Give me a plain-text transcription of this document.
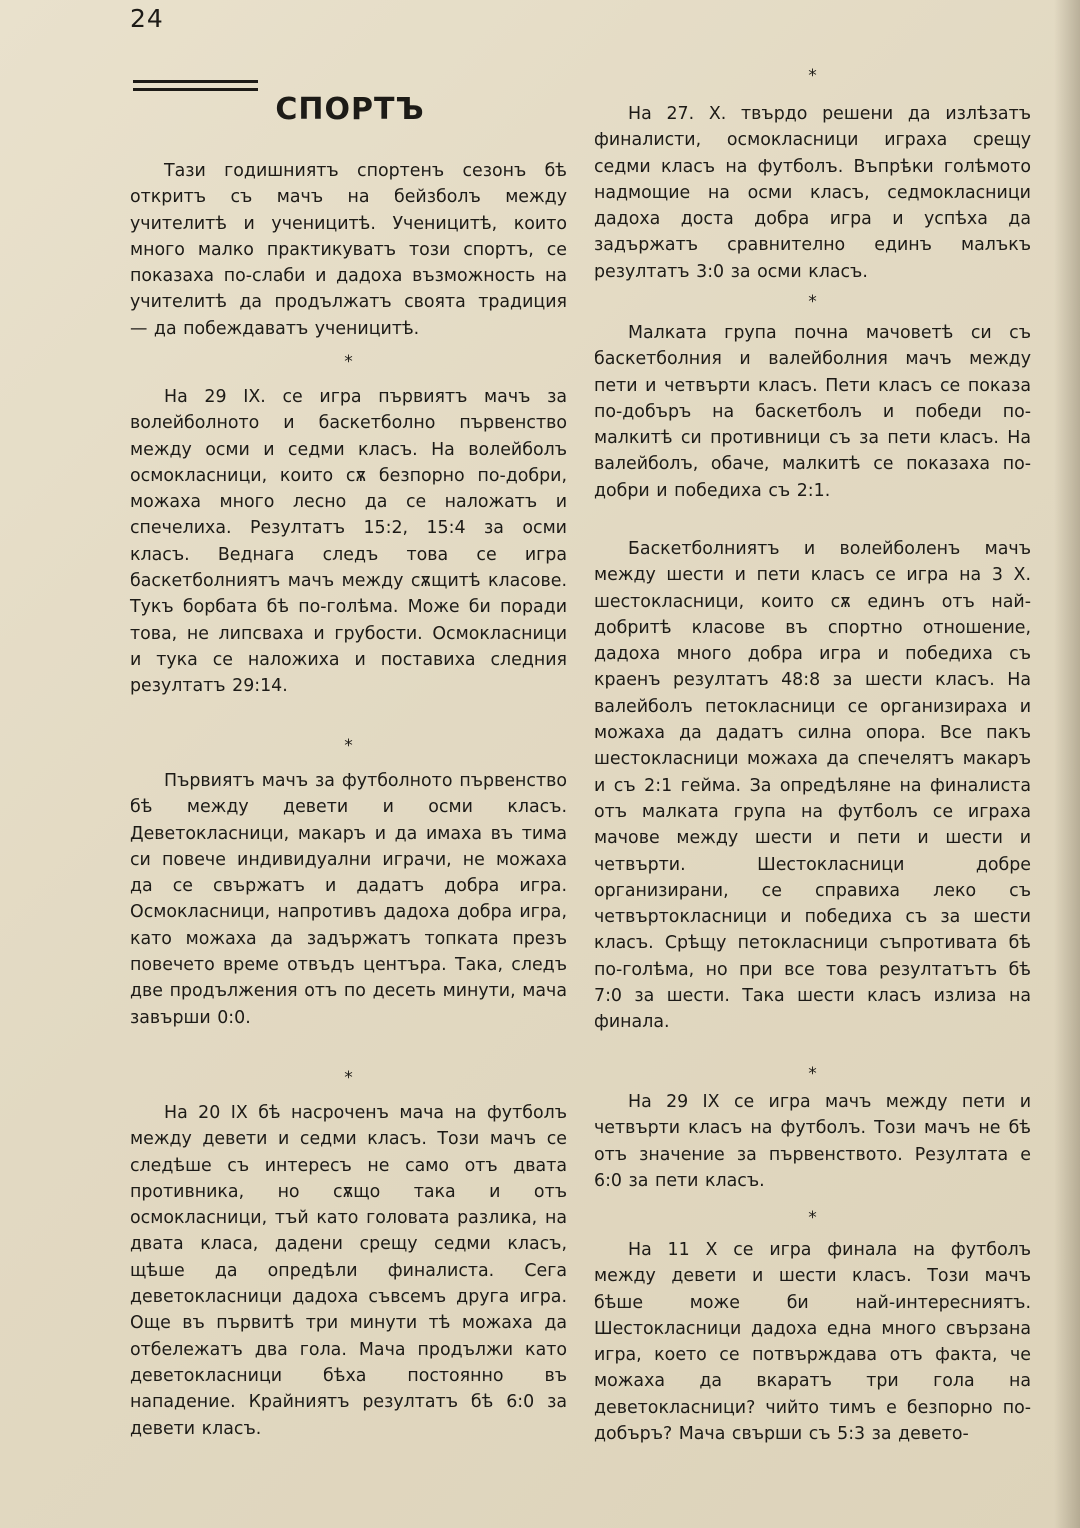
24
СПОРТЪ
Тази годишниятъ спортенъ сезонъ бѣ откритъ съ мачъ на бейзболъ между учителитѣ и ученицитѣ. Ученицитѣ, които много малко практикуватъ този спортъ, се показаха по-слаби и дадоха възможность на учителитѣ да продължатъ своята традиция — да побеждаватъ ученицитѣ.
*
На 29 IX. се игра първиятъ мачъ за волейболното и баскетболно първенство между осми и седми класъ. На волейболъ осмокласници, които сѫ безпорно по-добри, можаха много лесно да се наложатъ и спечелиха. Резултатъ 15:2, 15:4 за осми класъ. Веднага следъ това се игра баскетболниятъ мачъ между сѫщитѣ класове. Тукъ борбата бѣ по-голѣма. Може би поради това, не липсваха и грубости. Осмокласници и тука се наложиха и поставиха следния резултатъ 29:14.
*
Първиятъ мачъ за футболното първенство бѣ между девети и осми класъ. Деветокласници, макаръ и да имаха въ тима си повече индивидуални играчи, не можаха да се свържатъ и дадатъ добра игра. Осмокласници, напротивъ дадоха добра игра, като можаха да задържатъ топката презъ повечето време отвъдъ центъра. Така, следъ две продължения отъ по десеть минути, мача завърши 0:0.
*
На 20 IX бѣ насроченъ мача на футболъ между девети и седми класъ. Този мачъ се следѣше съ интересъ не само отъ двата противника, но сѫщо така и отъ осмокласници, тъй като головата разлика, на двата класа, дадени срещу седми класъ, щѣше да опредѣли финалиста. Сега деветокласници дадоха съвсемъ друга игра. Още въ първитѣ три минути тѣ можаха да отбележатъ два гола. Мача продължи като деветокласници бѣха постоянно въ нападение. Крайниятъ резултатъ бѣ 6:0 за девети класъ.
*
На 27. X. твърдо решени да излѣзатъ финалисти, осмокласници играха срещу седми класъ на футболъ. Въпрѣки голѣмото надмощие на осми класъ, седмокласници дадоха доста добра игра и успѣха да задържатъ сравнително единъ малъкъ резултатъ 3:0 за осми класъ.
*
Малката група почна мачоветѣ си съ баскетболния и валейболния мачъ между пети и четвърти класъ. Пети класъ се показа по-добъръ на баскетболъ и победи по-малкитѣ си противници съ за пети класъ. На валейболъ, обаче, малкитѣ се показаха по-добри и победиха съ 2:1.
Баскетболниятъ и волейболенъ мачъ между шести и пети класъ се игра на 3 X. шестокласници, които сѫ единъ отъ най-добритѣ класове въ спортно отношение, дадоха много добра игра и победиха съ краенъ резултатъ 48:8 за шести класъ. На валейболъ петокласници се организираха и можаха да дадатъ силна опора. Все пакъ шестокласници можаха да спечелятъ макаръ и съ 2:1 гейма. За опредѣляне на финалиста отъ малката група на футболъ се играха мачове между шести и пети и шести и четвърти. Шестокласници добре организирани, се справиха леко съ четвъртокласници и победиха съ за шести класъ. Срѣщу петокласници съпротивата бѣ по-голѣма, но при все това резултатътъ бѣ 7:0 за шести. Така шести класъ излиза на финала.
*
На 29 IX се игра мачъ между пети и четвърти класъ на футболъ. Този мачъ не бѣ отъ значение за първенството. Резултата е 6:0 за пети класъ.
*
На 11 X се игра финала на футболъ между девети и шести класъ. Този мачъ бѣше може би най-интересниятъ. Шестокласници дадоха една много свързана игра, което се потвърждава отъ факта, че можаха да вкаратъ три гола на деветокласници? чийто тимъ е безпорно по-добъръ? Мача свърши съ 5:3 за девето-
